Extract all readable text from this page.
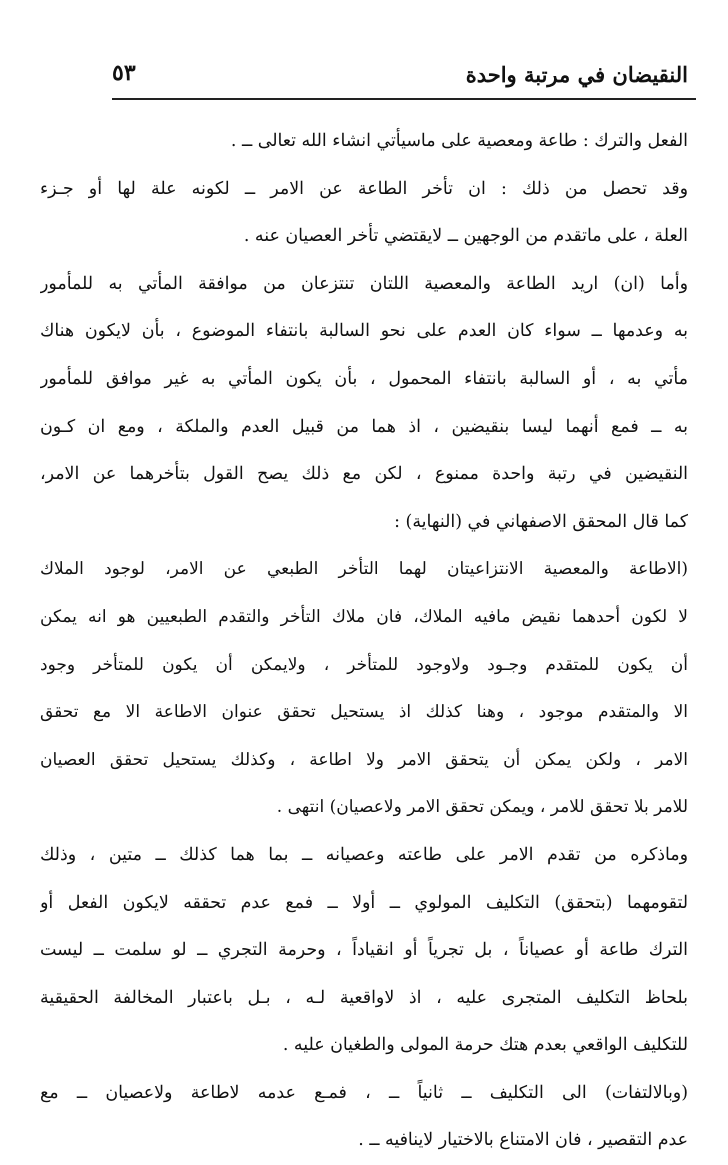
النقيضان في مرتبة واحدة
٥٣
الفعل والترك : طاعة ومعصية على ماسيأتي انشاء الله تعالى ــ .
وقد تحصل من ذلك : ان تأخر الطاعة عن الامر ــ لكونه علة لها أو جـزء
العلة ، على ماتقدم من الوجهين ــ لايقتضي تأخر العصيان عنه .
وأما (ان) اريد الطاعة والمعصية اللتان تنتزعان من موافقة المأتي به للمأمور
به وعدمها ــ سواء كان العدم على نحو السالبة بانتفاء الموضوع ، بأن لايكون هناك
مأتي به ، أو السالبة بانتفاء المحمول ، بأن يكون المأتي به غير موافق للمأمور
به ــ فمع أنهما ليسا بنقيضين ، اذ هما من قبيل العدم والملكة ، ومع ان كـون
النقيضين في رتبة واحدة ممنوع ، لكن مع ذلك يصح القول بتأخرهما عن الامر،
كما قال المحقق الاصفهاني في (النهاية) :
(الاطاعة والمعصية الانتزاعيتان لهما التأخر الطبعي عن الامر، لوجود الملاك
لا لكون أحدهما نقيض مافيه الملاك، فان ملاك التأخر والتقدم الطبعيين هو انه يمكن
أن يكون للمتقدم وجـود ولاوجود للمتأخر ، ولايمكن أن يكون للمتأخر وجود
الا والمتقدم موجود ، وهنا كذلك اذ يستحيل تحقق عنوان الاطاعة الا مع تحقق
الامر ، ولكن يمكن أن يتحقق الامر ولا اطاعة ، وكذلك يستحيل تحقق العصيان
للامر بلا تحقق للامر ، ويمكن تحقق الامر ولاعصيان) انتهى .
وماذكره من تقدم الامر على طاعته وعصيانه ــ بما هما كذلك ــ متين ، وذلك
لتقومهما (بتحقق) التكليف المولوي ــ أولا ــ فمع عدم تحققه لايكون الفعل أو
الترك طاعة أو عصياناً ، بل تجرياً أو انقياداً ، وحرمة التجري ــ لو سلمت ــ ليست
بلحاظ التكليف المتجرى عليه ، اذ لاواقعية لـه ، بـل باعتبار المخالفة الحقيقية
للتكليف الواقعي بعدم هتك حرمة المولى والطغيان عليه .
(وبالالتفات) الى التكليف ــ ثانياً ــ ، فمـع عدمه لاطاعة ولاعصيان ــ مع
عدم التقصير ، فان الامتناع بالاختيار لاينافيه ــ .
